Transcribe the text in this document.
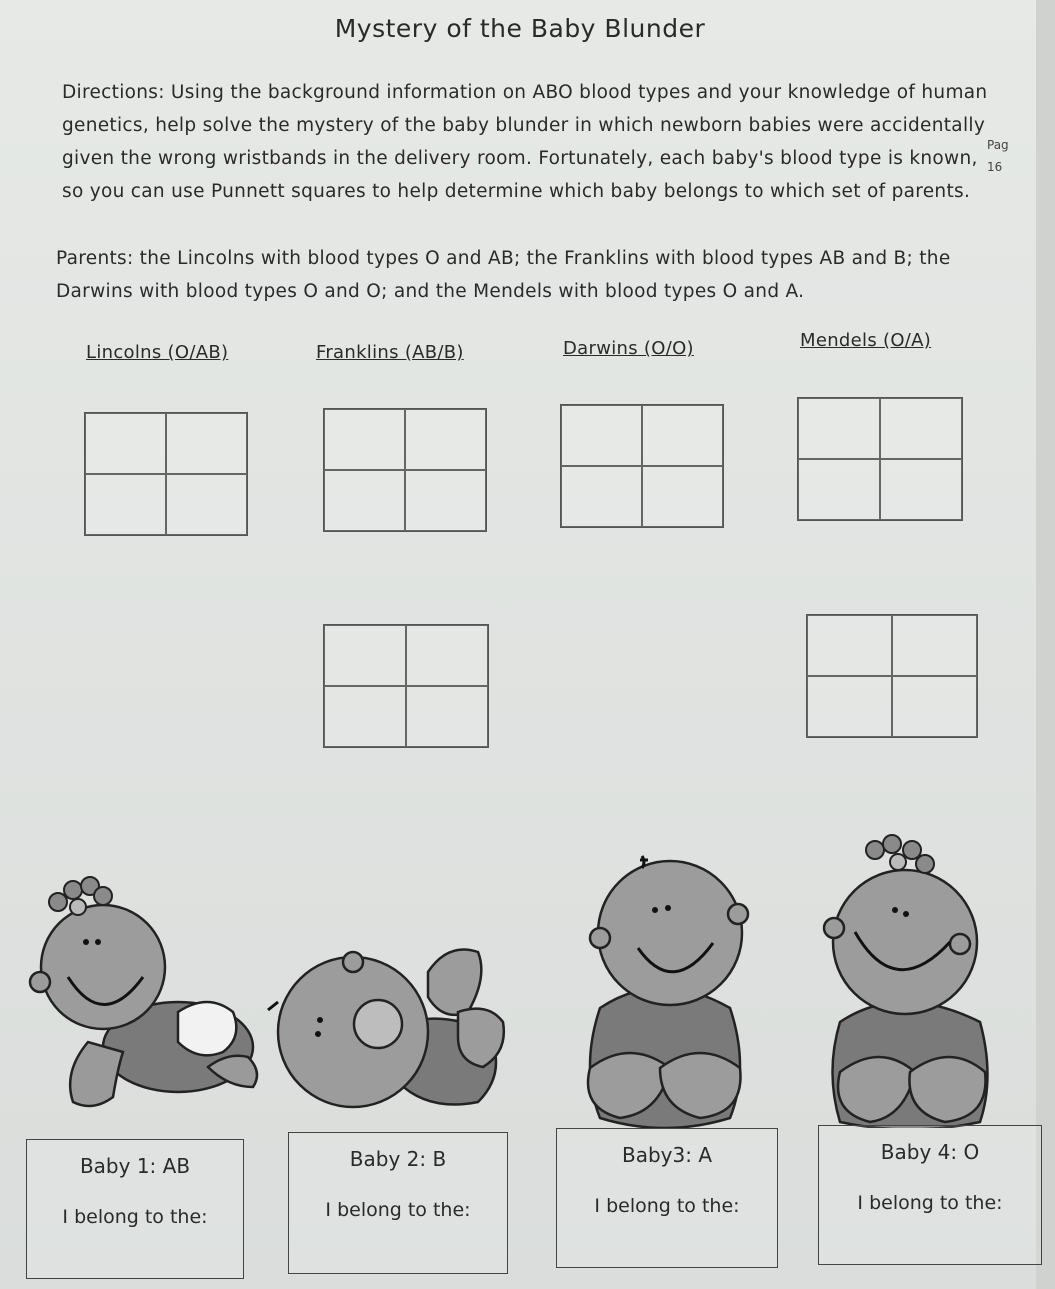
Mystery of the Baby Blunder
Directions: Using the background information on ABO blood types and your knowledge of human genetics, help solve the mystery of the baby blunder in which newborn babies were accidentally given the wrong wristbands in the delivery room. Fortunately, each baby's blood type is known, so you can use Punnett squares to help determine which baby belongs to which set of parents.
Pag
16
Parents: the Lincolns with blood types O and AB; the Franklins with blood types AB and B; the Darwins with blood types O and O; and the Mendels with blood types O and A.
Lincolns (O/AB)	Franklins (AB/B)	Darwins (O/O)	Mendels (O/A)
Baby 1: AB
I belong to the:
Baby 2: B
I belong to the:
Baby3: A
I belong to the:
Baby 4: O
I belong to the:
